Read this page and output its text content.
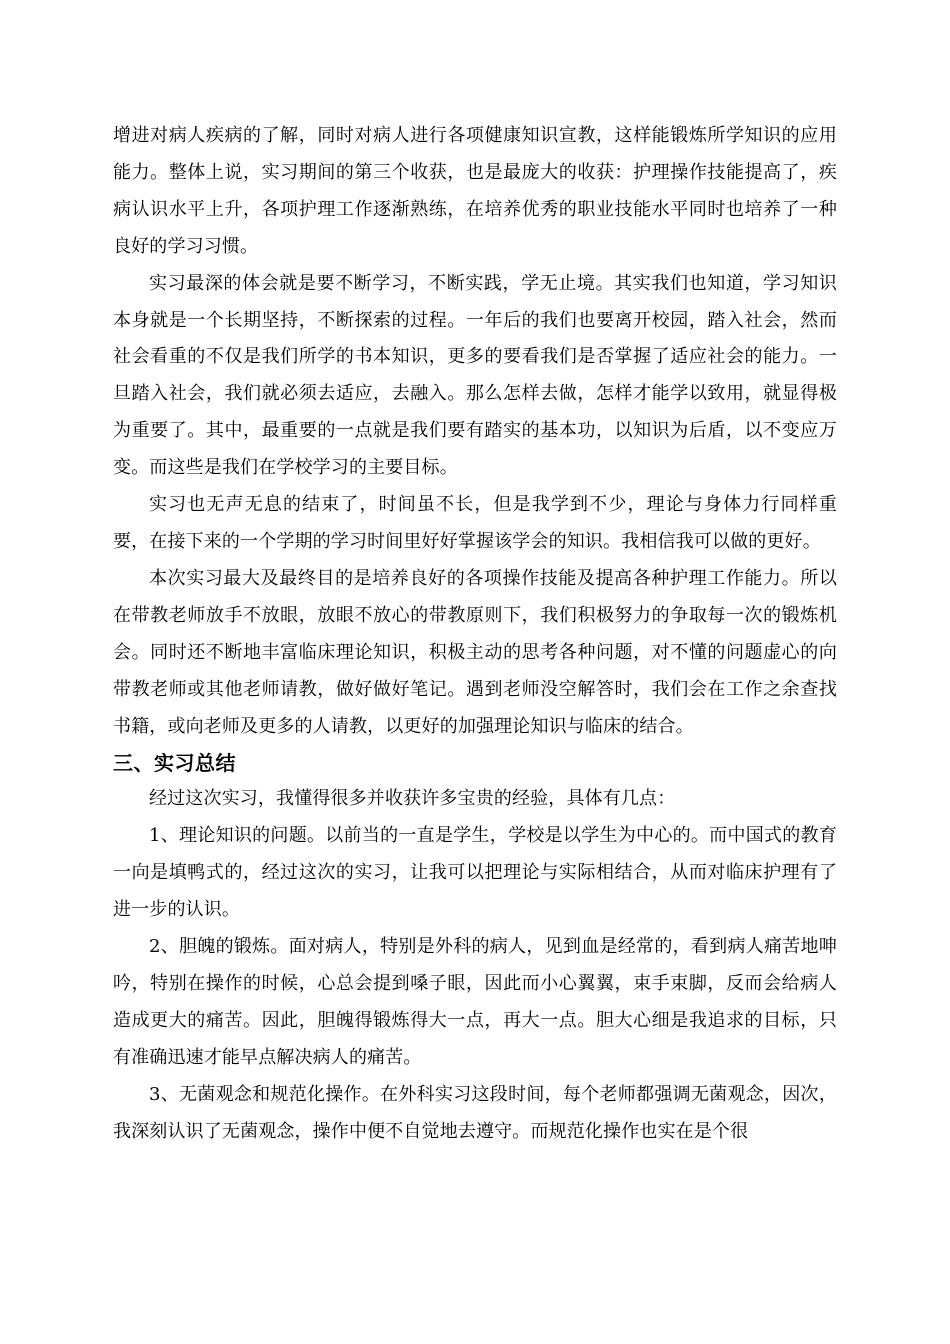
增进对病人疾病的了解，同时对病人进行各项健康知识宣教，这样能锻炼所学知识的应用能力。整体上说，实习期间的第三个收获，也是最庞大的收获：护理操作技能提高了，疾病认识水平上升，各项护理工作逐渐熟练，在培养优秀的职业技能水平同时也培养了一种良好的学习习惯。

实习最深的体会就是要不断学习，不断实践，学无止境。其实我们也知道，学习知识本身就是一个长期坚持，不断探索的过程。一年后的我们也要离开校园，踏入社会，然而社会看重的不仅是我们所学的书本知识，更多的要看我们是否掌握了适应社会的能力。一旦踏入社会，我们就必须去适应，去融入。那么怎样去做，怎样才能学以致用，就显得极为重要了。其中，最重要的一点就是我们要有踏实的基本功，以知识为后盾，以不变应万变。而这些是我们在学校学习的主要目标。

实习也无声无息的结束了，时间虽不长，但是我学到不少，理论与身体力行同样重要，在接下来的一个学期的学习时间里好好掌握该学会的知识。我相信我可以做的更好。

本次实习最大及最终目的是培养良好的各项操作技能及提高各种护理工作能力。所以在带教老师放手不放眼，放眼不放心的带教原则下，我们积极努力的争取每一次的锻炼机会。同时还不断地丰富临床理论知识，积极主动的思考各种问题，对不懂的问题虚心的向带教老师或其他老师请教，做好做好笔记。遇到老师没空解答时，我们会在工作之余查找书籍，或向老师及更多的人请教，以更好的加强理论知识与临床的结合。

三、实习总结

经过这次实习，我懂得很多并收获许多宝贵的经验，具体有几点：

1、理论知识的问题。以前当的一直是学生，学校是以学生为中心的。而中国式的教育一向是填鸭式的，经过这次的实习，让我可以把理论与实际相结合，从而对临床护理有了进一步的认识。

2、胆魄的锻炼。面对病人，特别是外科的病人，见到血是经常的，看到病人痛苦地呻吟，特别在操作的时候，心总会提到嗓子眼，因此而小心翼翼，束手束脚，反而会给病人造成更大的痛苦。因此，胆魄得锻炼得大一点，再大一点。胆大心细是我追求的目标，只有准确迅速才能早点解决病人的痛苦。

3、无菌观念和规范化操作。在外科实习这段时间，每个老师都强调无菌观念，因次，我深刻认识了无菌观念，操作中便不自觉地去遵守。而规范化操作也实在是个很
